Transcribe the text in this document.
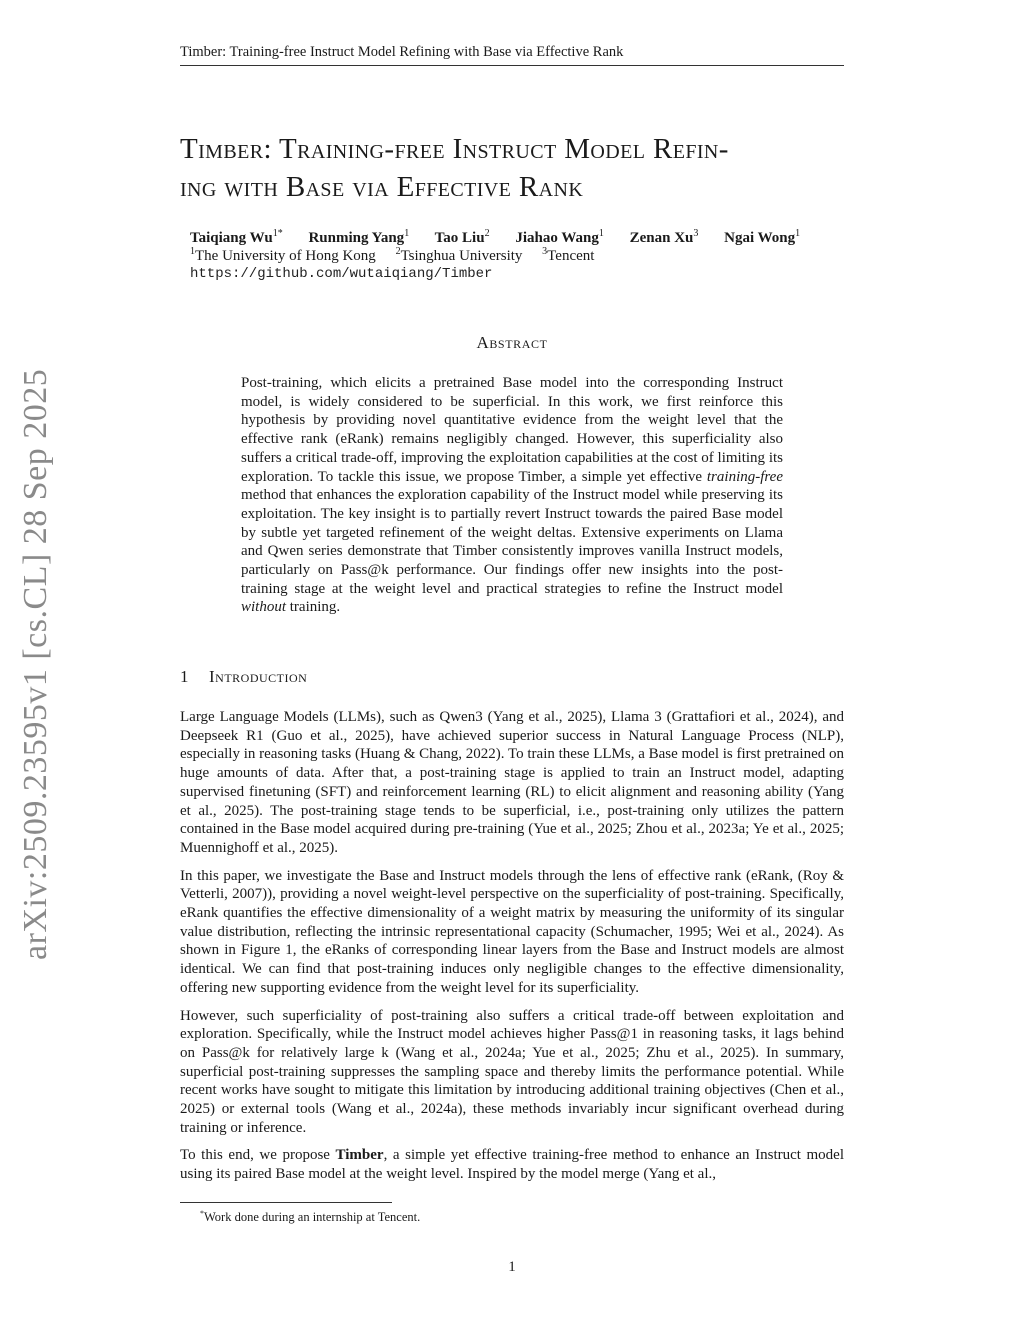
Timber: Training-free Instruct Model Refining with Base via Effective Rank
arXiv:2509.23595v1 [cs.CL] 28 Sep 2025
Timber: Training-free Instruct Model Refin-
ing with Base via Effective Rank
Taiqiang $Wu^{1*}$ Runming Yang$^1$ Tao Liu$^2$ Jiahao Wang$^1$ Zenan Xu$^3$ Ngai Wong$^1$
$^1$The University of Hong Kong $^2$Tsinghua University $^3$Tencent
https://github.com/wutaiqiang/Timber
Abstract

Post-training, which elicits a pretrained Base model into the corresponding Instruct model, is widely considered to be superficial. In this work, we first reinforce this hypothesis by providing novel quantitative evidence from the weight level that the effective rank (eRank) remains negligibly changed. However, this superficiality also suffers a critical trade-off, improving the exploitation capabilities at the cost of limiting its exploration. To tackle this issue, we propose Timber, a simple yet effective training-free method that enhances the exploration capability of the Instruct model while preserving its exploitation. The key insight is to partially revert Instruct towards the paired Base model by subtle yet targeted refinement of the weight deltas. Extensive experiments on Llama and Qwen series demonstrate that Timber consistently improves vanilla Instruct models, particularly on Pass@k performance. Our findings offer new insights into the post-training stage at the weight level and practical strategies to refine the Instruct model without training.

1 Introduction

Large Language Models (LLMs), such as Qwen3 (Yang et al., 2025), Llama 3 (Grattafiori et al., 2024), and Deepseek R1 (Guo et al., 2025), have achieved superior success in Natural Language Process (NLP), especially in reasoning tasks (Huang & Chang, 2022). To train these LLMs, a Base model is first pretrained on huge amounts of data. After that, a post-training stage is applied to train an Instruct model, adapting supervised finetuning (SFT) and reinforcement learning (RL) to elicit alignment and reasoning ability (Yang et al., 2025). The post-training stage tends to be superficial, i.e., post-training only utilizes the pattern contained in the Base model acquired during pre-training (Yue et al., 2025; Zhou et al., 2023a; Ye et al., 2025; Muennighoff et al., 2025).

In this paper, we investigate the Base and Instruct models through the lens of effective rank (eRank, (Roy & Vetterli, 2007)), providing a novel weight-level perspective on the superficiality of post-training. Specifically, eRank quantifies the effective dimensionality of a weight matrix by measuring the uniformity of its singular value distribution, reflecting the intrinsic representational capacity (Schumacher, 1995; Wei et al., 2024). As shown in Figure 1, the eRanks of corresponding linear layers from the Base and Instruct models are almost identical. We can find that post-training induces only negligible changes to the effective dimensionality, offering new supporting evidence from the weight level for its superficiality.

However, such superficiality of post-training also suffers a critical trade-off between exploitation and exploration. Specifically, while the Instruct model achieves higher Pass@1 in reasoning tasks, it lags behind on Pass@k for relatively large k (Wang et al., 2024a; Yue et al., 2025; Zhu et al., 2025). In summary, superficial post-training suppresses the sampling space and thereby limits the performance potential. While recent works have sought to mitigate this limitation by introducing additional training objectives (Chen et al., 2025) or external tools (Wang et al., 2024a), these methods invariably incur significant overhead during training or inference.

To this end, we propose Timber, a simple yet effective training-free method to enhance an Instruct model using its paired Base model at the weight level. Inspired by the model merge (Yang et al.,

*Work done during an internship at Tencent.
1
